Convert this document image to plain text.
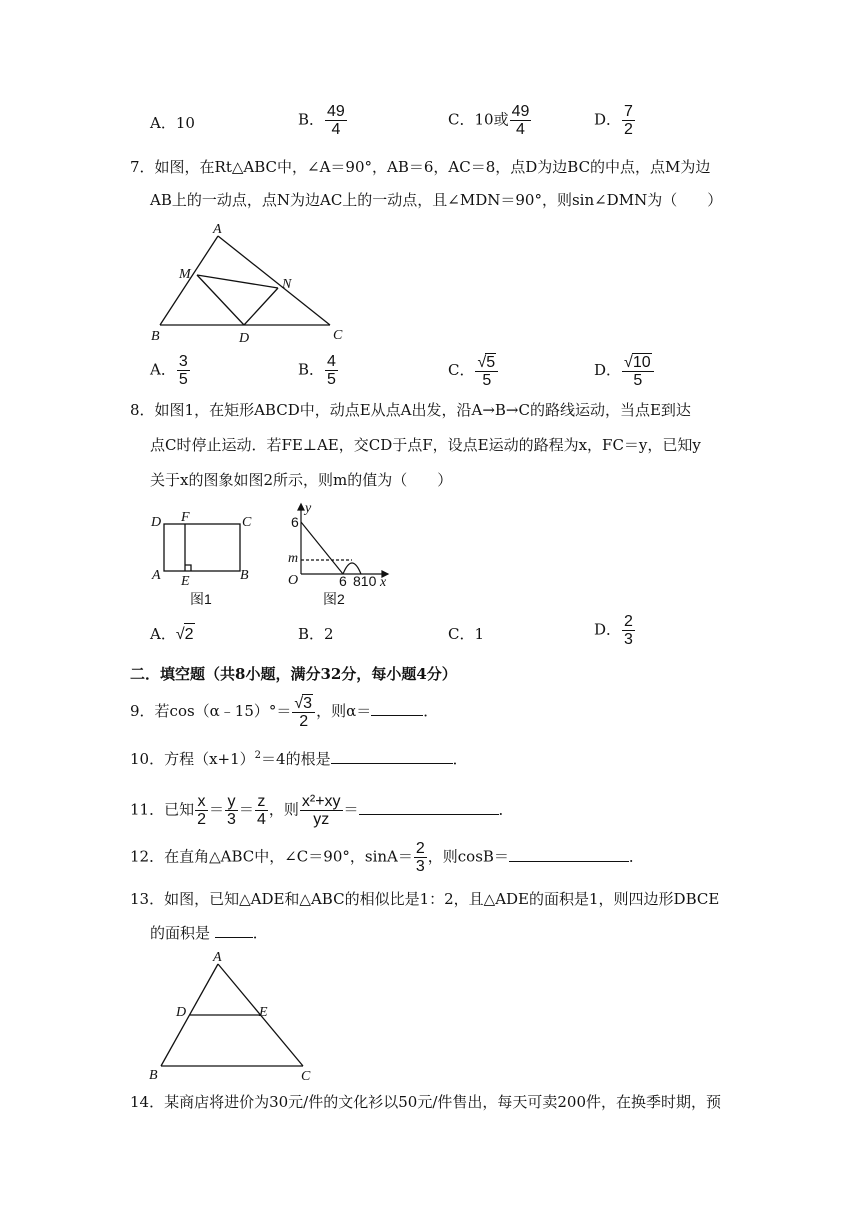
A．10	B． $\frac{49}{4}$	C．10或 $\frac{49}{4}$	D． $\frac{7}{2}$
7．如图，在Rt△ABC中，∠A＝90°，AB＝6，AC＝8，点D为边BC的中点，点M为边
AB上的一动点，点N为边AC上的一动点，且∠MDN＝90°，则sin∠DMN为（　　）
A
M
N
B	D	C
A． $\frac{3}{5}$	B． $\frac{4}{5}$	C． $\frac{√5}{5}$	D． $\frac{√10}{5}$
8．如图1，在矩形ABCD中，动点E从点A出发，沿A→B→C的路线运动，当点E到达
点C时停止运动．若FE⊥AE，交CD于点F，设点E运动的路程为x，FC＝y，已知y
关于x的图象如图2所示，则m的值为（　　）
D F	C
A E	B
图1
y
6
m
O	6 810 x
图2
A．√2	B．2	C．1	D． $\frac{2}{3}$
二．填空题（共8小题，满分32分，每小题4分）
9．若cos（α﹣15）°＝ $\frac{√3}{2}$ ，则α＝	．
10．方程$(x+1)^2=4$的根是	．
11．已知 $\frac{x}{2} = \frac{y}{3} = \frac{z}{4}$ ，则 $\frac{\text{x²+xy}}{yz}$ ＝	．
12．在直角△ABC中，∠C＝90°，$\sin A= \frac{2}{3}$ ，则cosB＝	．
13．如图，已知△ADE和△ABC的相似比是1：2，且△ADE的面积是1，则四边形DBCE
的面积是	．
A
D	E
B	C
14．某商店将进价为30元/件的文化衫以50元/件售出，每天可卖200件，在换季时期，预
